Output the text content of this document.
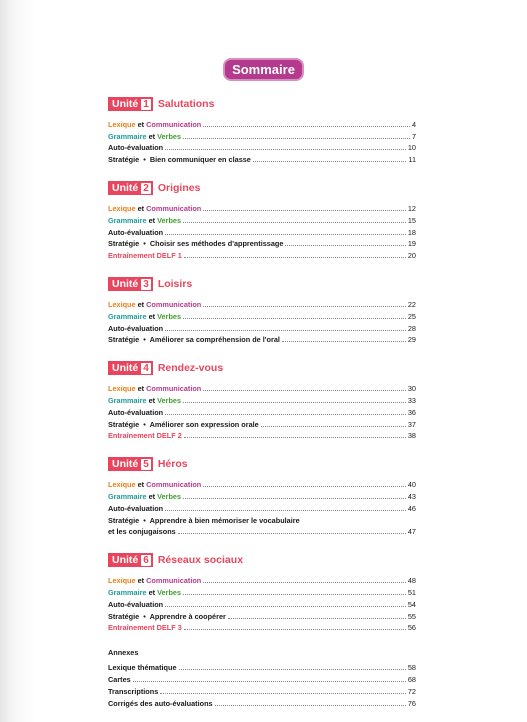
Sommaire
Unité 1 Salutations
Lexique et Communication	4
Grammaire et Verbes	7
Auto-évaluation	10
Stratégie  •  Bien communiquer en classe	11
Unité 2 Origines
Lexique et Communication	12
Grammaire et Verbes	15
Auto-évaluation	18
Stratégie  •  Choisir ses méthodes d'apprentissage	19
Entraînement DELF 1	20
Unité 3 Loisirs
Lexique et Communication	22
Grammaire et Verbes	25
Auto-évaluation	28
Stratégie  •  Améliorer sa compréhension de l'oral	29
Unité 4 Rendez-vous
Lexique et Communication	30
Grammaire et Verbes	33
Auto-évaluation	36
Stratégie  •  Améliorer son expression orale	37
Entraînement DELF 2	38
Unité 5 Héros
Lexique et Communication	40
Grammaire et Verbes	43
Auto-évaluation	46
Stratégie  •  Apprendre à bien mémoriser le vocabulaire
et les conjugaisons	47
Unité 6 Réseaux sociaux
Lexique et Communication	48
Grammaire et Verbes	51
Auto-évaluation	54
Stratégie  •  Apprendre à coopérer	55
Entraînement DELF 3	56
Annexes
Lexique thématique	58
Cartes	68
Transcriptions	72
Corrigés des auto-évaluations	76
